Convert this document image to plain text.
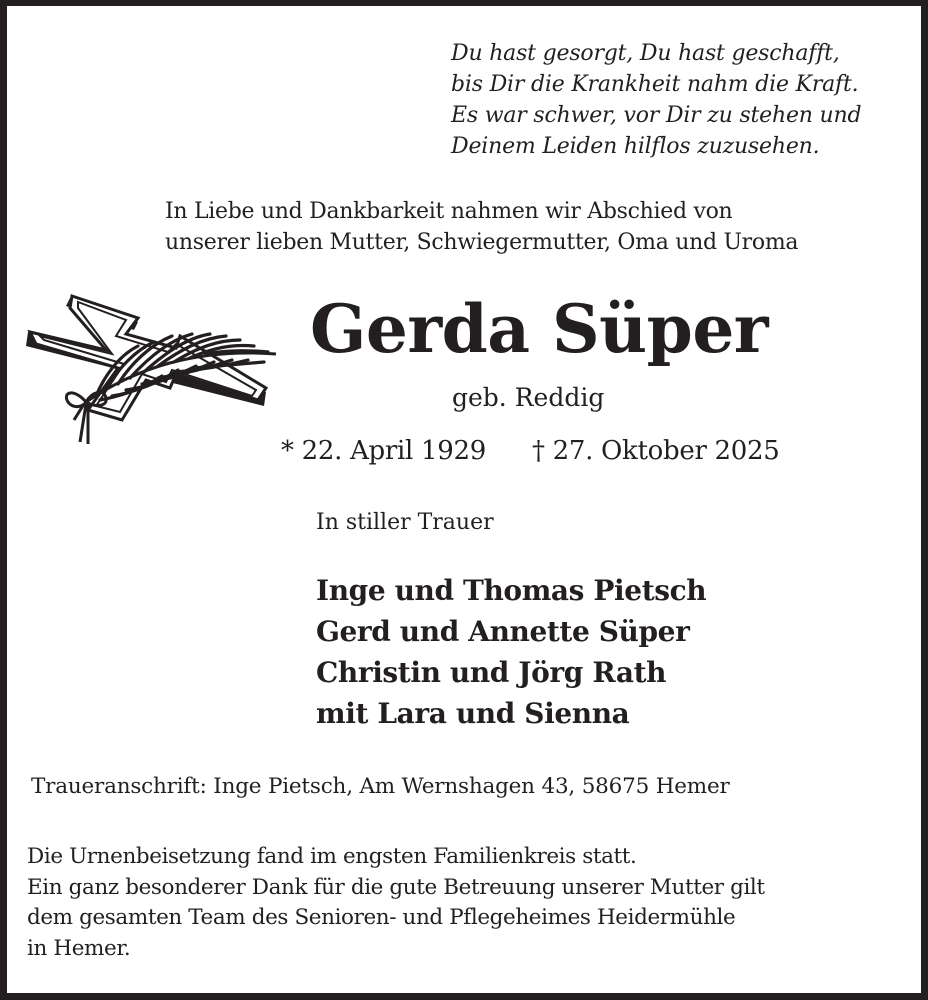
Du hast gesorgt, Du hast geschafft,
bis Dir die Krankheit nahm die Kraft.
Es war schwer, vor Dir zu stehen und
Deinem Leiden hilflos zuzusehen.
In Liebe und Dankbarkeit nahmen wir Abschied von
unserer lieben Mutter, Schwiegermutter, Oma und Uroma
Gerda Süper
geb. Reddig
* 22. April 1929 † 27. Oktober 2025
In stiller Trauer
Inge und Thomas Pietsch
Gerd und Annette Süper
Christin und Jörg Rath
mit Lara und Sienna
Traueranschrift: Inge Pietsch, Am Wernshagen 43, 58675 Hemer
Die Urnenbeisetzung fand im engsten Familienkreis statt.
Ein ganz besonderer Dank für die gute Betreuung unserer Mutter gilt
dem gesamten Team des Senioren- und Pflegeheimes Heidermühle
in Hemer.
